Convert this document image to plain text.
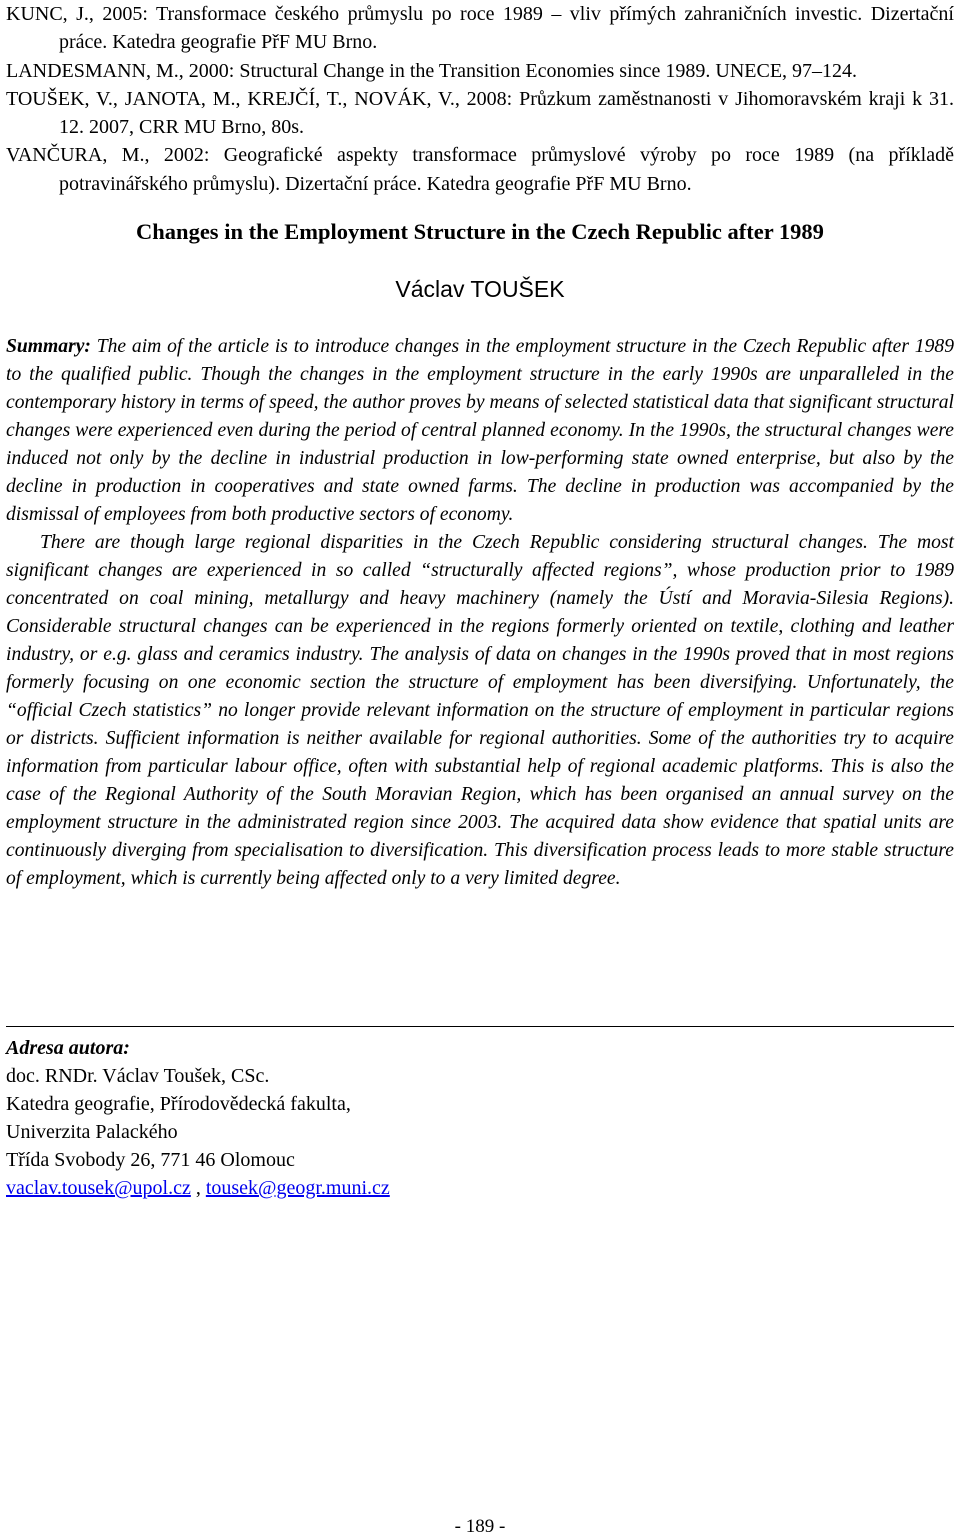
KUNC, J., 2005: Transformace českého průmyslu po roce 1989 – vliv přímých zahraničních investic. Dizertační práce. Katedra geografie PřF MU Brno.
LANDESMANN, M., 2000: Structural Change in the Transition Economies since 1989. UNECE, 97–124.
TOUŠEK, V., JANOTA, M., KREJČÍ, T., NOVÁK, V., 2008: Průzkum zaměstnanosti v Jihomoravském kraji k 31. 12. 2007, CRR MU Brno, 80s.
VANČURA, M., 2002: Geografické aspekty transformace průmyslové výroby po roce 1989 (na příkladě potravinářského průmyslu). Dizertační práce. Katedra geografie PřF MU Brno.
Changes in the Employment Structure in the Czech Republic after 1989
Václav TOUŠEK

Summary: The aim of the article is to introduce changes in the employment structure in the Czech Republic after 1989 to the qualified public. Though the changes in the employment structure in the early 1990s are unparalleled in the contemporary history in terms of speed, the author proves by means of selected statistical data that significant structural changes were experienced even during the period of central planned economy. In the 1990s, the structural changes were induced not only by the decline in industrial production in low-performing state owned enterprise, but also by the decline in production in cooperatives and state owned farms. The decline in production was accompanied by the dismissal of employees from both productive sectors of economy.

There are though large regional disparities in the Czech Republic considering structural changes. The most significant changes are experienced in so called “structurally affected regions”, whose production prior to 1989 concentrated on coal mining, metallurgy and heavy machinery (namely the Ústí and Moravia-Silesia Regions). Considerable structural changes can be experienced in the regions formerly oriented on textile, clothing and leather industry, or e.g. glass and ceramics industry. The analysis of data on changes in the 1990s proved that in most regions formerly focusing on one economic section the structure of employment has been diversifying. Unfortunately, the “official Czech statistics” no longer provide relevant information on the structure of employment in particular regions or districts. Sufficient information is neither available for regional authorities. Some of the authorities try to acquire information from particular labour office, often with substantial help of regional academic platforms. This is also the case of the Regional Authority of the South Moravian Region, which has been organised an annual survey on the employment structure in the administrated region since 2003. The acquired data show evidence that spatial units are continuously diverging from specialisation to diversification. This diversification process leads to more stable structure of employment, which is currently being affected only to a very limited degree.

Adresa autora:
doc. RNDr. Václav Toušek, CSc.
Katedra geografie, Přírodovědecká fakulta,
Univerzita Palackého
Třída Svobody 26, 771 46 Olomouc
vaclav.tousek@upol.cz , tousek@geogr.muni.cz
- 189 -
